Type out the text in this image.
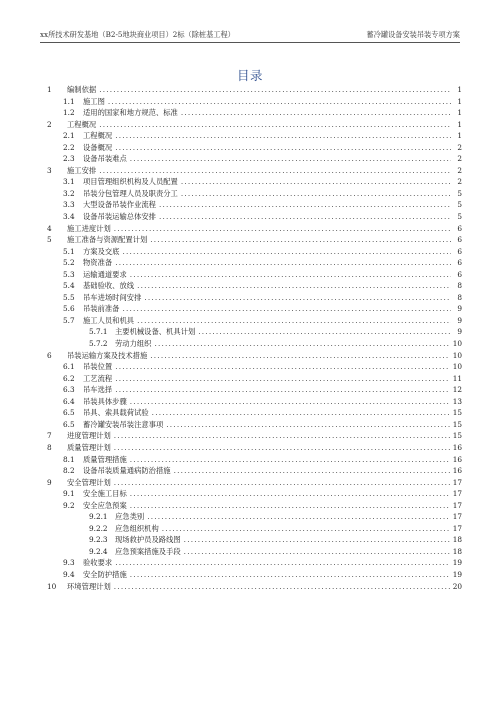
xx所技术研发基地（B2-5地块商业项目）2标（除桩基工程）	蓄冷罐设备安装吊装专项方案
目录
1	编制依据 .....	1
1.1	施工图 .....	1
1.2	适用的国家和地方规范、标准 .....	1
2	工程概况 .....	1
2.1	工程概况 .....	1
2.2	设备概况 .....	2
2.3	设备吊装难点 .....	2
3	施工安排 .....	2
3.1	项目管理组织机构及人员配置 .....	2
3.2	吊装分包管理人员及职责分工 .....	5
3.3	大型设备吊装作业流程 .....	5
3.4	设备吊装运输总体安排 .....	5
4	施工进度计划 .....	6
5	施工准备与资源配置计划 .....	6
5.1	方案及交底 .....	6
5.2	物资准备 .....	6
5.3	运输通道要求 .....	6
5.4	基础验收、放线 .....	8
5.5	吊车进场时间安排 .....	8
5.6	吊装前准备 .....	9
5.7	施工人员和机具 .....	9
5.7.1	主要机械设备、机具计划 .....	9
5.7.2	劳动力组织 .....	10
6	吊装运输方案及技术措施 .....	10
6.1	吊装位置 .....	10
6.2	工艺流程 .....	11
6.3	吊车选择 .....	12
6.4	吊装具体步骤 .....	13
6.5	吊具、索具载荷试验 .....	15
6.5	蓄冷罐安装吊装注意事项 .....	15
7	进度管理计划 .....	15
8	质量管理计划 .....	16
8.1	质量管理措施 .....	16
8.2	设备吊装质量通病防治措施 .....	16
9	安全管理计划 .....	17
9.1	安全施工目标 .....	17
9.2	安全应急预案 .....	17
9.2.1	应急类别 .....	17
9.2.2	应急组织机构 .....	17
9.2.3	现场救护员及路线图 .....	18
9.2.4	应急预案措施及手段 .....	18
9.3	验收要求 .....	19
9.4	安全防护措施 .....	19
10	环境管理计划 .....	20
